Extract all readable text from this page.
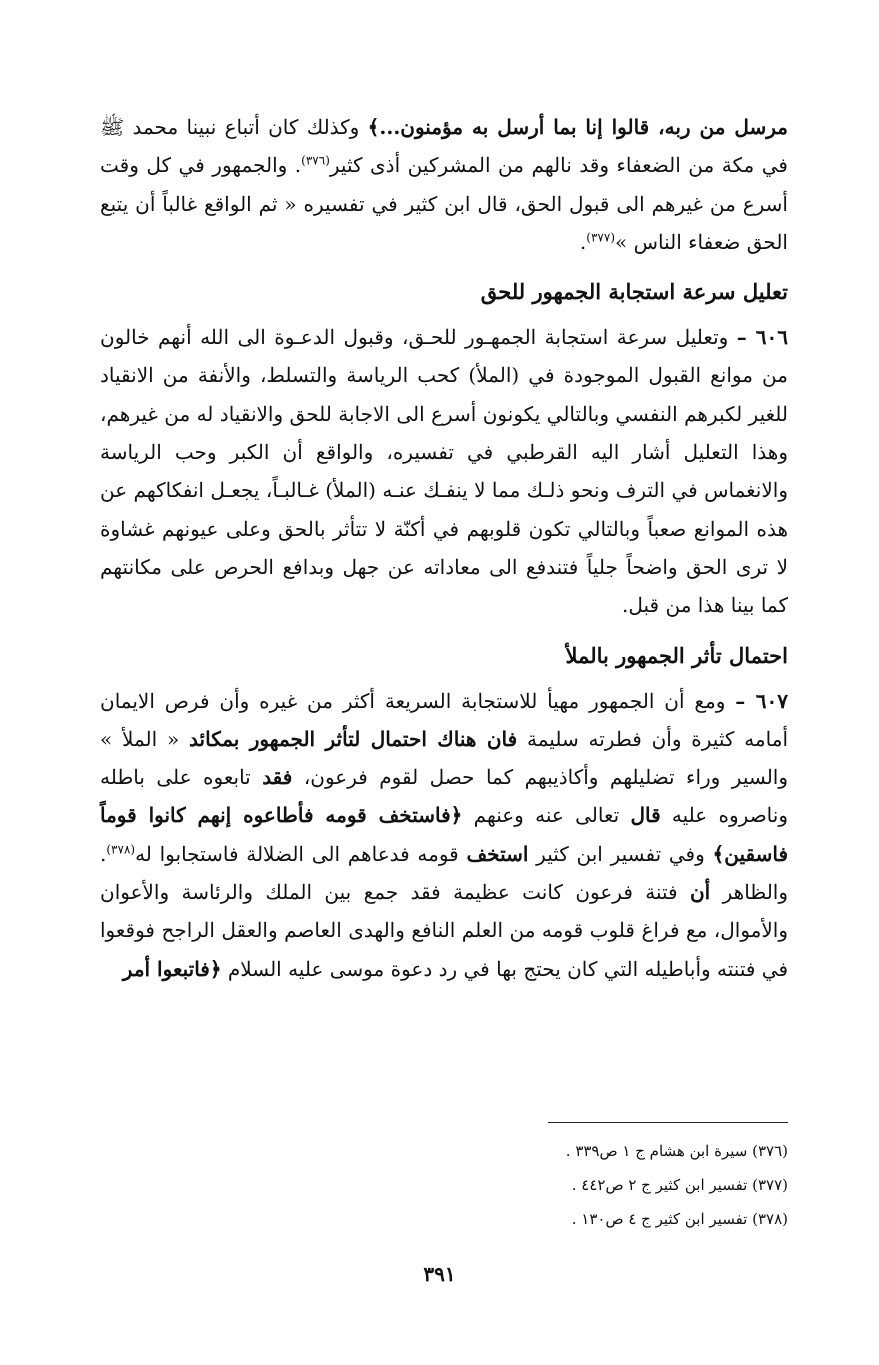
مرسل من ربه، قالوا إنا بما أرسل به مؤمنون...﴾ وكذلك كان أتباع نبينا محمد ﷺ في مكة من الضعفاء وقد نالهم من المشركين أذى كثير$^{(٣٧٦)}$. والجمهور في كل وقت أسرع من غيرهم الى قبول الحق، قال ابن كثير في تفسيره « ثم الواقع غالباً أن يتبع الحق ضعفاء الناس »$^{(٣٧٧)}$.

تعليل سرعة استجابة الجمهور للحق

٦٠٦ – وتعليل سرعة استجابة الجمهـور للحـق، وقبول الدعـوة الى الله أنهم خالون من موانع القبول الموجودة في (الملأ) كحب الرياسة والتسلط، والأنفة من الانقياد للغير لكبرهم النفسي وبالتالي يكونون أسرع الى الاجابة للحق والانقياد له من غيرهم، وهذا التعليل أشار اليه القرطبي في تفسيره، والواقع أن الكبر وحب الرياسة والانغماس في الترف ونحو ذلـك مما لا ينفـك عنـه (الملأ) غـالبـاً، يجعـل انفكاكهم عن هذه الموانع صعباً وبالتالي تكون قلوبهم في أكنّة لا تتأثر بالحق وعلى عيونهم غشاوة لا ترى الحق واضحاً جلياً فتندفع الى معاداته عن جهل وبدافع الحرص على مكانتهم كما بينا هذا من قبل.

احتمال تأثر الجمهور بالملأ

٦٠٧ – ومع أن الجمهور مهيأ للاستجابة السريعة أكثر من غيره وأن فرص الايمان أمامه كثيرة وأن فطرته سليمة فان هناك احتمال لتأثر الجمهور بمكائد « الملأ » والسير وراء تضليلهم وأكاذيبهم كما حصل لقوم فرعون، فقد تابعوه على باطله وناصروه عليه قال تعالى عنه وعنهم ﴿فاستخف قومه فأطاعوه إنهم كانوا قوماً فاسقين﴾ وفي تفسير ابن كثير استخف قومه فدعاهم الى الضلالة فاستجابوا له$^{(٣٧٨)}$. والظاهر أن فتنة فرعون كانت عظيمة فقد جمع بين الملك والرئاسة والأعوان والأموال، مع فراغ قلوب قومه من العلم النافع والهدى العاصم والعقل الراجح فوقعوا في فتنته وأباطيله التي كان يحتج بها في رد دعوة موسى عليه السلام ﴿فاتبعوا أمر

(٣٧٦) سيرة ابن هشام ج ١ ص٣٣٩ .
(٣٧٧) تفسير ابن كثير ج ٢ ص٤٤٢ .
(٣٧٨) تفسير ابن كثير ج ٤ ص١٣٠ .
٣٩١
